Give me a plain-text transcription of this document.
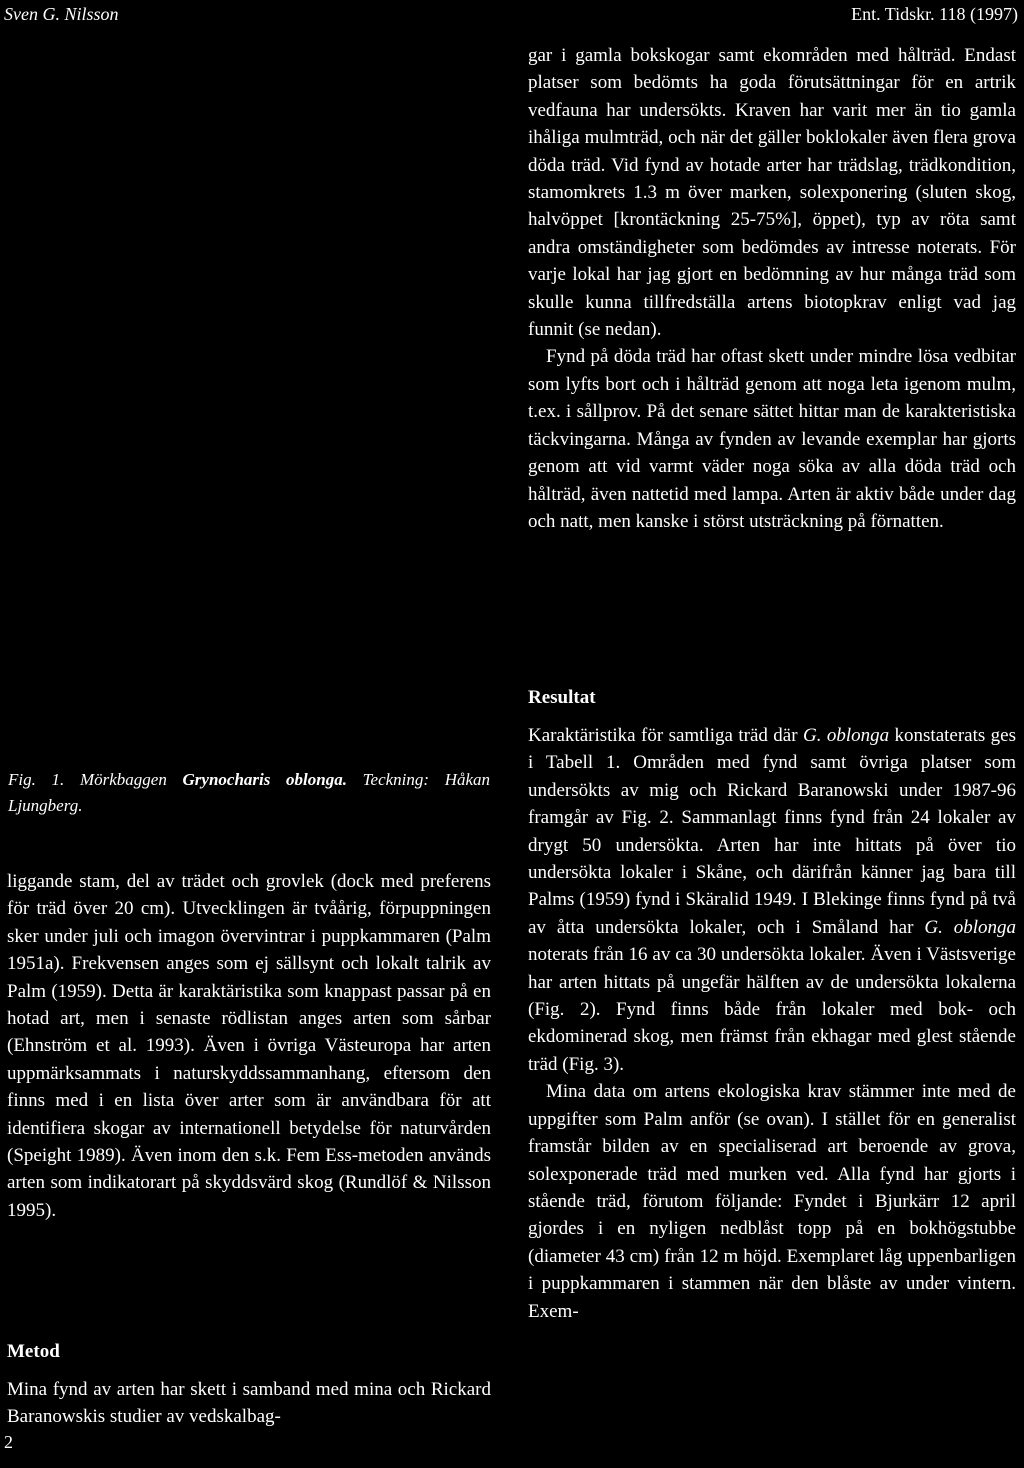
Sven G. Nilsson	Ent. Tidskr. 118 (1997)

gar i gamla bokskogar samt ekområden med hålträd. Endast platser som bedömts ha goda förutsättningar för en artrik vedfauna har undersökts. Kraven har varit mer än tio gamla ihåliga mulmträd, och när det gäller boklokaler även flera grova döda träd. Vid fynd av hotade arter har trädslag, trädkondition, stamomkrets 1.3 m över marken, solexponering (sluten skog, halvöppet [krontäckning 25-75%], öppet), typ av röta samt andra omständigheter som bedömdes av intresse noterats. För varje lokal har jag gjort en bedömning av hur många träd som skulle kunna tillfredställa artens biotopkrav enligt vad jag funnit (se nedan).

Fynd på döda träd har oftast skett under mindre lösa vedbitar som lyfts bort och i hålträd genom att noga leta igenom mulm, t.ex. i sållprov. På det senare sättet hittar man de karakteristiska täckvingarna. Många av fynden av levande exemplar har gjorts genom att vid varmt väder noga söka av alla döda träd och hålträd, även nattetid med lampa. Arten är aktiv både under dag och natt, men kanske i störst utsträckning på förnatten.

Resultat

Karaktäristika för samtliga träd där G. oblonga konstaterats ges i Tabell 1. Områden med fynd samt övriga platser som undersökts av mig och Rickard Baranowski under 1987-96 framgår av Fig. 2. Sammanlagt finns fynd från 24 lokaler av drygt 50 undersökta. Arten har inte hittats på över tio undersökta lokaler i Skåne, och därifrån känner jag bara till Palms (1959) fynd i Skäralid 1949. I Blekinge finns fynd på två av åtta undersökta lokaler, och i Småland har G. oblonga noterats från 16 av ca 30 undersökta lokaler. Även i Västsverige har arten hittats på ungefär hälften av de undersökta lokalerna (Fig. 2). Fynd finns både från lokaler med bok- och ekdominerad skog, men främst från ekhagar med glest stående träd (Fig. 3).

Mina data om artens ekologiska krav stämmer inte med de uppgifter som Palm anför (se ovan). I stället för en generalist framstår bilden av en specialiserad art beroende av grova, solexponerade träd med murken ved. Alla fynd har gjorts i stående träd, förutom följande: Fyndet i Bjurkärr 12 april gjordes i en nyligen nedblåst topp på en bokhögstubbe (diameter 43 cm) från 12 m höjd. Exemplaret låg uppenbarligen i puppkammaren i stammen när den blåste av under vintern. Exem-

Fig. 1. Mörkbaggen Grynocharis oblonga. Teckning: Håkan Ljungberg.

liggande stam, del av trädet och grovlek (dock med preferens för träd över 20 cm). Utvecklingen är tvåårig, förpuppningen sker under juli och imagon övervintrar i puppkammaren (Palm 1951a). Frekvensen anges som ej sällsynt och lokalt talrik av Palm (1959). Detta är karaktäristika som knappast passar på en hotad art, men i senaste rödlistan anges arten som sårbar (Ehnström et al. 1993). Även i övriga Västeuropa har arten uppmärksammats i naturskyddssammanhang, eftersom den finns med i en lista över arter som är användbara för att identifiera skogar av internationell betydelse för naturvården (Speight 1989). Även inom den s.k. Fem Ess-metoden används arten som indikatorart på skyddsvärd skog (Rundlöf & Nilsson 1995).

Metod

Mina fynd av arten har skett i samband med mina och Rickard Baranowskis studier av vedskalbag-

2
